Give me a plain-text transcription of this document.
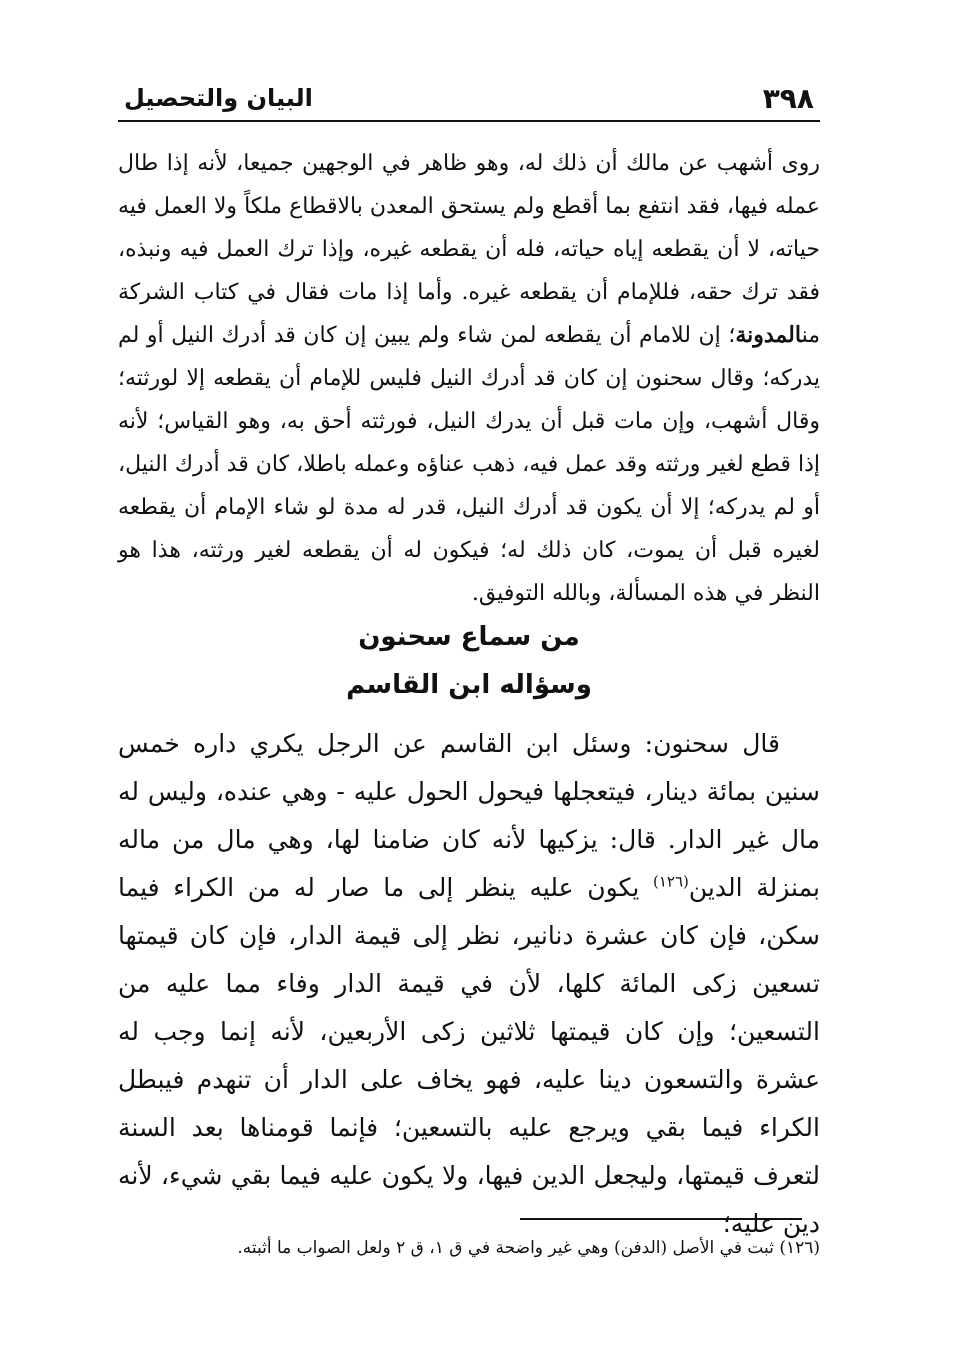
البيان والتحصيل	٣٩٨
روى أشهب عن مالك أن ذلك له، وهو ظاهر في الوجهين جميعا، لأنه إذا طال عمله فيها، فقد انتفع بما أقطع ولم يستحق المعدن بالاقطاع ملكاً ولا العمل فيه حياته، لا أن يقطعه إياه حياته، فله أن يقطعه غيره، وإذا ترك العمل فيه ونبذه، فقد ترك حقه، فللإمام أن يقطعه غيره. وأما إذا مات فقال في كتاب الشركة منالمدونة؛ إن للامام أن يقطعه لمن شاء ولم يبين إن كان قد أدرك النيل أو لم يدركه؛ وقال سحنون إن كان قد أدرك النيل فليس للإمام أن يقطعه إلا لورثته؛ وقال أشهب، وإن مات قبل أن يدرك النيل، فورثته أحق به، وهو القياس؛ لأنه إذا قطع لغير ورثته وقد عمل فيه، ذهب عناؤه وعمله باطلا، كان قد أدرك النيل، أو لم يدركه؛ إلا أن يكون قد أدرك النيل، قدر له مدة لو شاء الإمام أن يقطعه لغيره قبل أن يموت، كان ذلك له؛ فيكون له أن يقطعه لغير ورثته، هذا هو النظر في هذه المسألة، وبالله التوفيق.
من سماع سحنون
وسؤاله ابن القاسم
قال سحنون: وسئل ابن القاسم عن الرجل يكري داره خمس سنين بمائة دينار، فيتعجلها فيحول الحول عليه - وهي عنده، وليس له مال غير الدار. قال: يزكيها لأنه كان ضامنا لها، وهي مال من ماله بمنزلة الدين$^{(١٢٦)}$ يكون عليه ينظر إلى ما صار له من الكراء فيما سكن، فإن كان عشرة دنانير، نظر إلى قيمة الدار، فإن كان قيمتها تسعين زكى المائة كلها، لأن في قيمة الدار وفاء مما عليه من التسعين؛ وإن كان قيمتها ثلاثين زكى الأربعين، لأنه إنما وجب له عشرة والتسعون دينا عليه، فهو يخاف على الدار أن تنهدم فيبطل الكراء فيما بقي ويرجع عليه بالتسعين؛ فإنما قومناها بعد السنة لتعرف قيمتها، وليجعل الدين فيها، ولا يكون عليه فيما بقي شيء، لأنه دين عليه؛
(١٢٦) ثبت في الأصل (الدفن) وهي غير واضحة في ق ١، ق ٢ ولعل الصواب ما أثبته.
